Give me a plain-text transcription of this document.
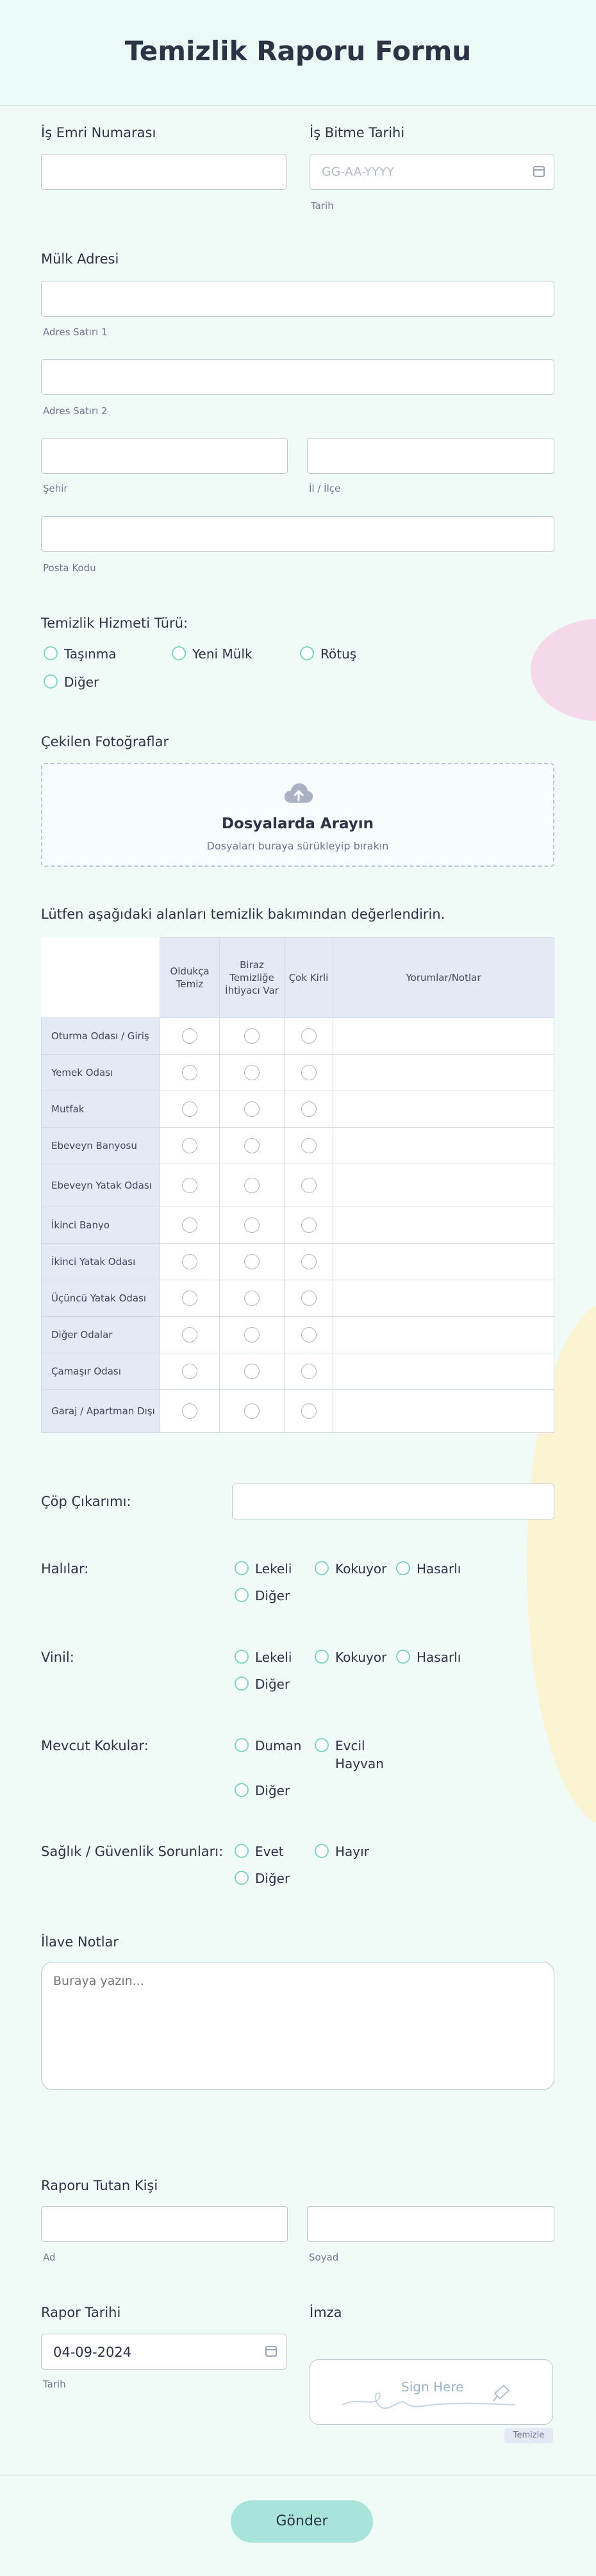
Temizlik Raporu Formu
İş Emri Numarası	İş Bitme Tarihi
GG-AA-YYYY
Tarih
Mülk Adresi
Adres Satırı 1
Adres Satırı 2
Şehir	İl / İlçe
Posta Kodu
Temizlik Hizmeti Türü:
Taşınma	Yeni Mülk	Rötuş
Diğer
Çekilen Fotoğraflar
Dosyalarda Arayın
Dosyaları buraya sürükleyip bırakın
Lütfen aşağıdaki alanları temizlik bakımından değerlendirin.
	Oldukça Temiz	Biraz Temizliğe İhtiyacı Var	Çok Kirli	Yorumlar/Notlar
Oturma Odası / Giriş				
Yemek Odası				
Mutfak				
Ebeveyn Banyosu				
Ebeveyn Yatak Odası				
İkinci Banyo				
İkinci Yatak Odası				
Üçüncü Yatak Odası				
Diğer Odalar				
Çamaşır Odası				
Garaj / Apartman Dışı				
Çöp Çıkarımı:
Halılar:	Lekeli	Kokuyor Hasarlı
Diğer
Vinil:	Lekeli	Kokuyor Hasarlı
Diğer
Mevcut Kokular:	Duman	Evcil
Hayvan
Diğer
Sağlık / Güvenlik Sorunları: Evet	Hayır
Diğer
İlave Notlar
Buraya yazın...
Raporu Tutan Kişi
Ad	Soyad
Rapor Tarihi
04-09-2024
Tarih
İmza
Sign Here
Temizle
Gönder
